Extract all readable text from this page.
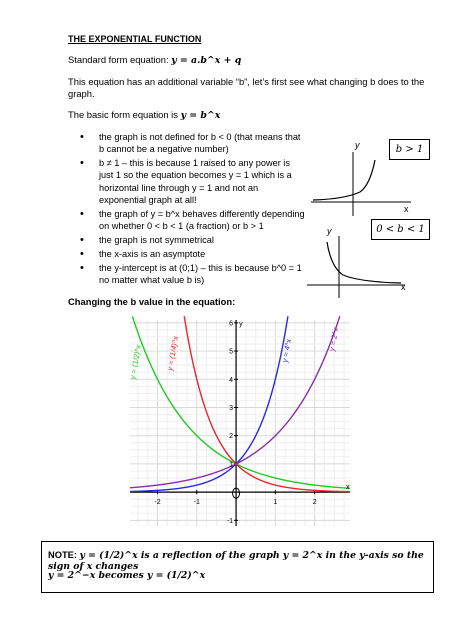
THE EXPONENTIAL FUNCTION
Standard form equation: y = a.b^x + q
This equation has an additional variable “b”, let’s first see what changing b does to the
graph.
The basic form equation is y = b^x
• the graph is not defined for b < 0 (that means that b cannot be a negative number)
• b ≠ 1 – this is because 1 raised to any power is just 1 so the equation becomes y = 1 which is a horizontal line through y = 1 and not an exponential graph at all!
• the graph of y = b^x behaves differently depending on whether 0 < b < 1 (a fraction) or b > 1
• the graph is not symmetrical
• the x-axis is an asymptote
• the y-intercept is at (0;1) – this is because b^0 = 1 no matter what value b is)
b > 1
y
x
0 < b < 1
y
x
Changing the b value in the equation:
-2	-1	1	2
-1
1
2
3
4
5
6
x
y
y = (1/2)^x	y = (1/4)^x	y = 4^x	y = 2^x
NOTE: y = (1/2)^x is a reflection of the graph y = 2^x in the y-axis so the sign of x changes
y = 2^−x becomes y = (1/2)^x
